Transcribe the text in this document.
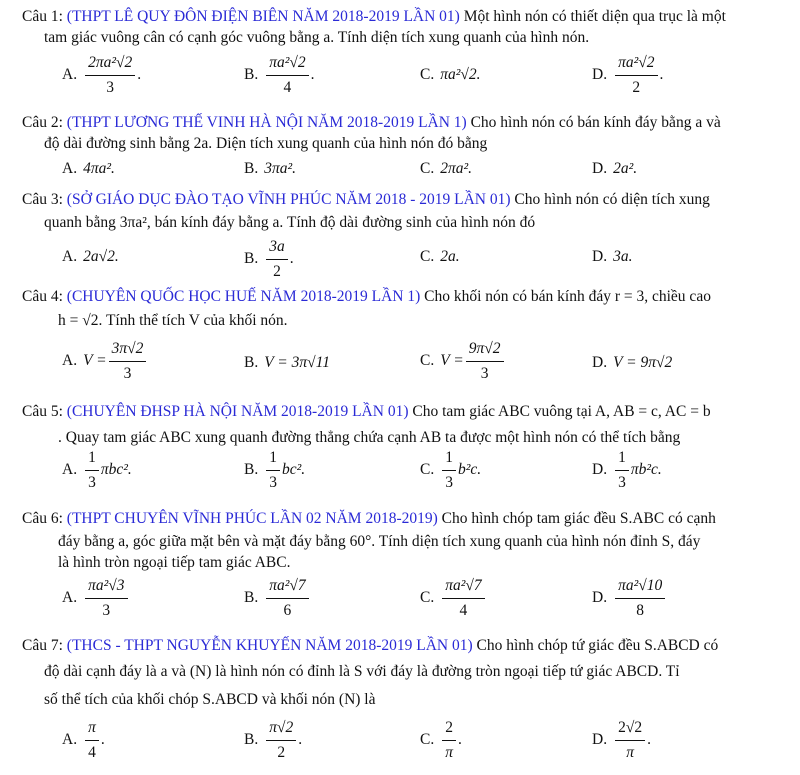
Câu 1: (THPT LÊ QUY ĐÔN ĐIỆN BIÊN NĂM 2018-2019 LẦN 01) Một hình nón có thiết diện qua trục là một
tam giác vuông cân có cạnh góc vuông bằng a. Tính diện tích xung quanh của hình nón.
A. $\frac{\text{2πa²√2}}{3}$ .	B. $\frac{\text{πa²√2}}{4}$ .	C. πa²√2.	D. $\frac{\text{πa²√2}}{2}$ .
Câu 2: (THPT LƯƠNG THẾ VINH HÀ NỘI NĂM 2018-2019 LẦN 1) Cho hình nón có bán kính đáy bằng a và
độ dài đường sinh bằng 2a. Diện tích xung quanh của hình nón đó bằng
A. 4πa².	B. 3πa².	C. 2πa².	D. 2a².
Câu 3: (SỞ GIÁO DỤC ĐÀO TẠO VĨNH PHÚC NĂM 2018 - 2019 LẦN 01) Cho hình nón có diện tích xung
quanh bằng 3πa², bán kính đáy bằng a. Tính độ dài đường sinh của hình nón đó
A. 2a√2.	B. $\frac{3a}{2}$ .	C. 2a.	D. 3a.
Câu 4: (CHUYÊN QUỐC HỌC HUẾ NĂM 2018-2019 LẦN 1) Cho khối nón có bán kính đáy r = 3, chiều cao
h = √2. Tính thể tích V của khối nón.
A. $V = \frac{3\pi√2}{3}$	B. V = 3π√11	C. $V = \frac{9\pi√2}{3}$	D. V = 9π√2
Câu 5: (CHUYÊN ĐHSP HÀ NỘI NĂM 2018-2019 LẦN 01) Cho tam giác ABC vuông tại A, AB = c, AC = b
. Quay tam giác ABC xung quanh đường thẳng chứa cạnh AB ta được một hình nón có thể tích bằng
A. $\frac{1}{3} \pi bc^2$.	B. $\frac{1}{3} bc^2$.	C. $\frac{1}{3} b^2c$.	D. $\frac{1}{3} \pi b^2c$.
Câu 6: (THPT CHUYÊN VĨNH PHÚC LẦN 02 NĂM 2018-2019) Cho hình chóp tam giác đều S.ABC có cạnh
đáy bằng a, góc giữa mặt bên và mặt đáy bằng 60°. Tính diện tích xung quanh của hình nón đỉnh S, đáy
là hình tròn ngoại tiếp tam giác ABC.
A. $\frac{\text{πa²√3}}{3}$	B. $\frac{\text{πa²√7}}{6}$	C. $\frac{\text{πa²√7}}{4}$	D. $\frac{\text{πa²√10}}{8}$
Câu 7: (THCS - THPT NGUYỄN KHUYẾN NĂM 2018-2019 LẦN 01) Cho hình chóp tứ giác đều S.ABCD có
độ dài cạnh đáy là a và (N) là hình nón có đỉnh là S với đáy là đường tròn ngoại tiếp tứ giác ABCD. Tỉ
số thể tích của khối chóp S.ABCD và khối nón (N) là
A. $\frac{\pi}{4}$ .	B. $\frac{\pi√2}{2}$ .	C. $\frac{2}{\pi}$ .	D. $\frac{2√2}{\pi}$ .
